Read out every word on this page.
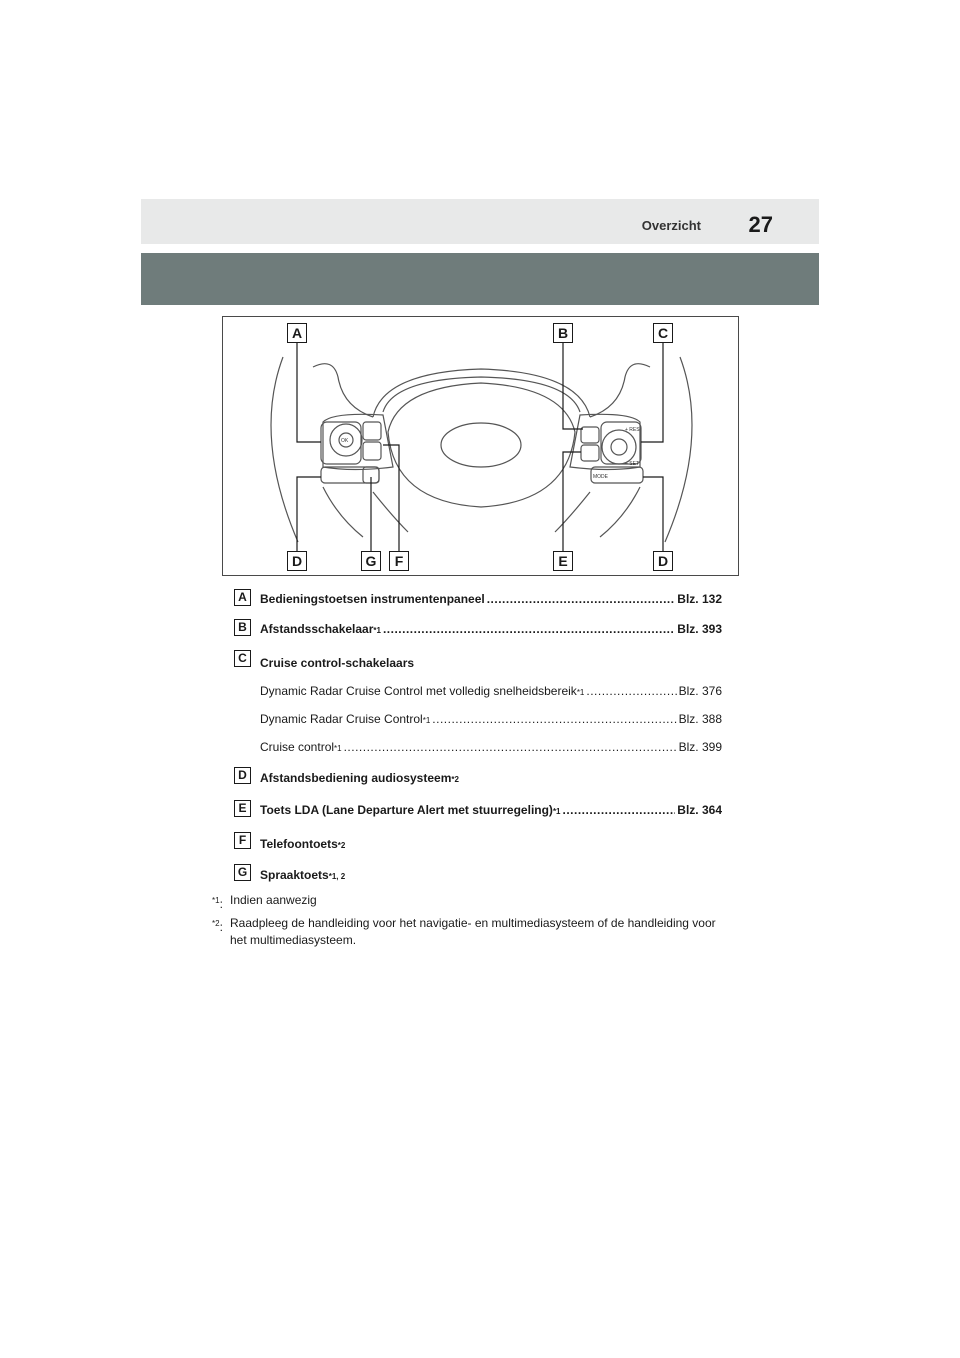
Overzicht 27
OK
MODE
+ RES
− SET
A	B	C
D	G	F	E	D
A	Bedieningstoetsen instrumentenpaneel .....	Blz. 132
B	Afstandsschakelaar *1 .....	Blz. 393
C	Cruise control-schakelaars
Dynamic Radar Cruise Control met volledig snelheidsbereik *1 .....	Blz. 376
Dynamic Radar Cruise Control *1 .....	Blz. 388
Cruise control *1 .....	Blz. 399
D	Afstandsbediening audiosysteem *2
E	Toets LDA (Lane Departure Alert met stuurregeling) *1 .....	Blz. 364
F	Telefoontoets *2
G	Spraaktoets *1, 2
$^{*1}$: Indien aanwezig
$^{*2}$: Raadpleeg de handleiding voor het navigatie- en multimediasysteem of de handleiding voor het multimediasysteem.
